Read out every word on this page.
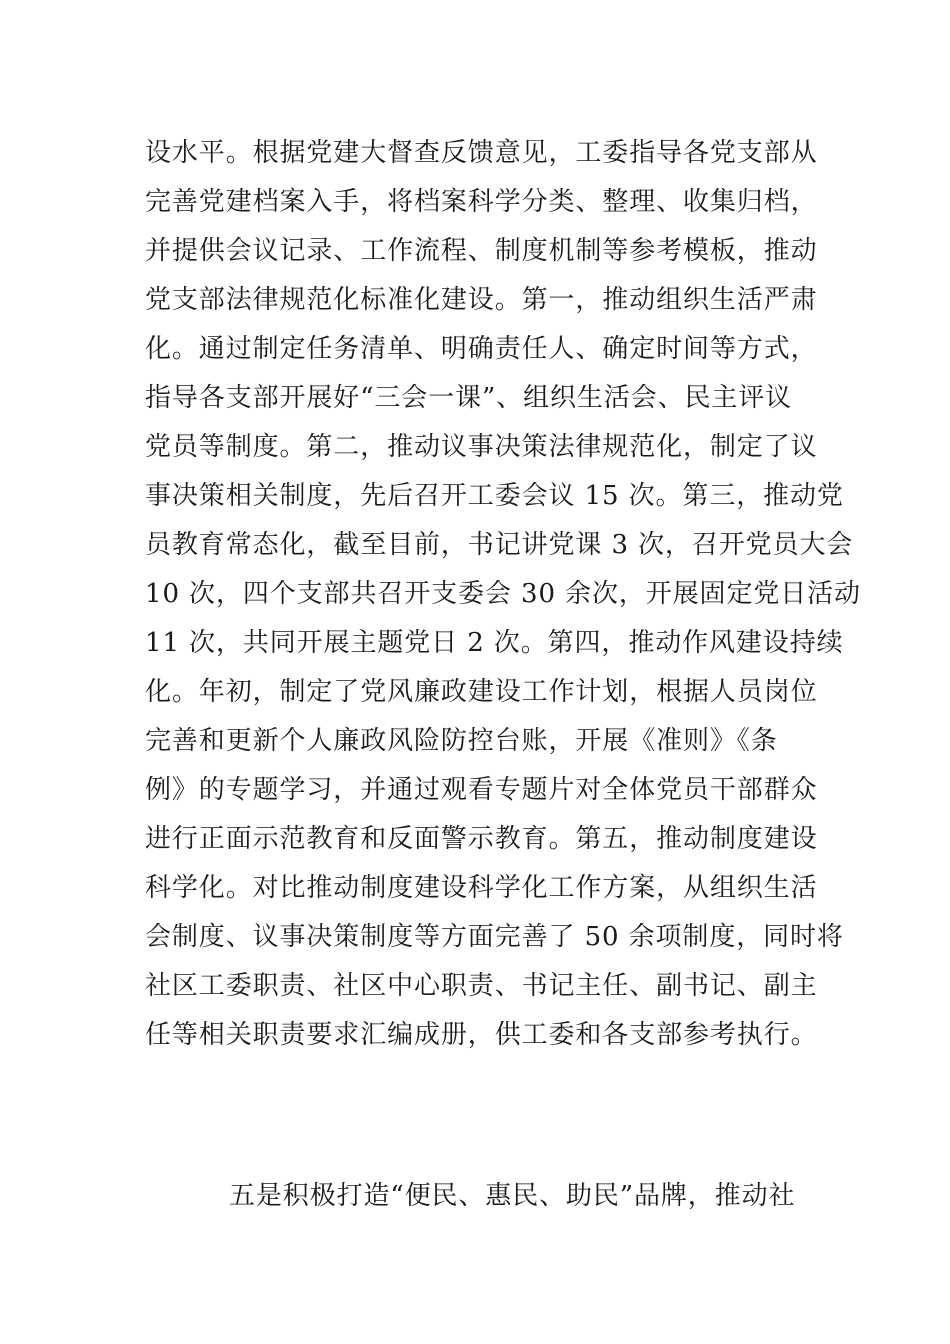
设水平。根据党建大督查反馈意见，工委指导各党支部从
完善党建档案入手，将档案科学分类、整理、收集归档，
并提供会议记录、工作流程、制度机制等参考模板，推动
党支部法律规范化标准化建设。第一，推动组织生活严肃
化。通过制定任务清单、明确责任人、确定时间等方式，
指导各支部开展好“三会一课”、组织生活会、民主评议
党员等制度。第二，推动议事决策法律规范化，制定了议
事决策相关制度，先后召开工委会议 15 次。第三，推动党
员教育常态化，截至目前，书记讲党课 3 次，召开党员大会
10 次，四个支部共召开支委会 30 余次，开展固定党日活动
11 次，共同开展主题党日 2 次。第四，推动作风建设持续
化。年初，制定了党风廉政建设工作计划，根据人员岗位
完善和更新个人廉政风险防控台账，开展《准则》《条
例》的专题学习，并通过观看专题片对全体党员干部群众
进行正面示范教育和反面警示教育。第五，推动制度建设
科学化。对比推动制度建设科学化工作方案，从组织生活
会制度、议事决策制度等方面完善了 50 余项制度，同时将
社区工委职责、社区中心职责、书记主任、副书记、副主
任等相关职责要求汇编成册，供工委和各支部参考执行。
五是积极打造“便民、惠民、助民”品牌，推动社
